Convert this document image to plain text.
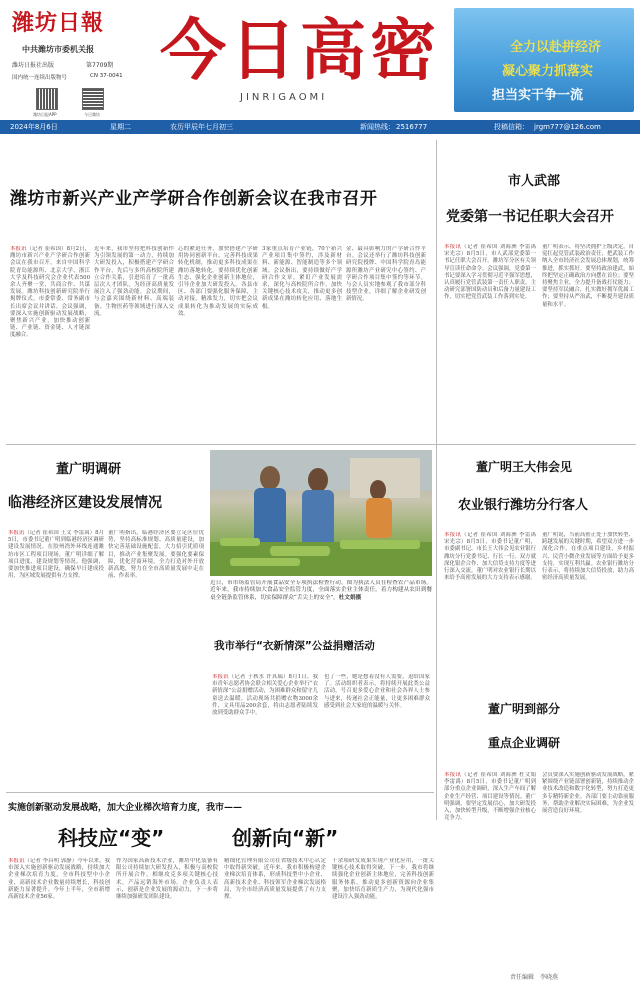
潍坊日報
中共潍坊市委机关报
潍坊日报社出版	第7709期
国内统一连续出版物号	CN 37-0041
潍坊日报APP	今日潍坊
今日高密
JINRIGAOMI
全力以赴拼经济
凝心聚力抓落实
担当实干争一流
2024年8月6日	星期二	农历甲辰年七月初三	新闻热线： 2516777	投稿信箱： jrgm777@126.com
潍坊市新兴产业产学研合作创新会议在我市召开
本报讯（记者 崔希国）8月2日，潍坊市新兴产业产学研合作创新会议在我市召开，来自中国科学院青岛能源所、北京大学、浙江大学及科技研究会企业代表500余人齐聚一堂，共商合作、共谋发展。潍坊科技创新研究院举行揭牌仪式。市委常委、常务副市长出席会议并讲话。会议强调，要深入实施创新驱动发展战略，聚焦新兴产业，加快推动创新链、产业链、资金链、人才链深度融合。
近年来，我市坚持把科技创新作为引领发展的第一动力，持续加大研发投入，积极搭建产学研合作平台，先后与多所高校院所建立合作关系，引进培育了一批高层次人才团队，为经济高质量发展注入了强劲动能。会议期间，与会嘉宾围绕新材料、高端装备、生物医药等领域进行深入交流。
芯的紧迫任务，加快搭建产学研用协同创新平台，完善科技成果转化机制，推动更多科技成果在潍坊落地转化。要持续优化创新生态，强化企业创新主体地位，引导企业加大研发投入。各县市区、各部门要强化服务保障，主动对接，精准发力，切实把会议成果转化为推动发展的实际成效。
3家重点培育产业链，70个新兴产业项目集中签约，涉及新材料、新能源、智能制造等多个领域。会议指出，要持续做好产学研合作文章，紧盯产业发展需求，深化与高校院所合作，加快关键核心技术攻关，推动更多创新成果在潍坊转化应用、落地生根。
金、最具影响力的产学研合作平台。会议还举行了潍坊科技创新研究院授牌、中国科学院青岛能源所潍坊产业研究中心签约、产学研合作项目集中签约等环节。与会人员实地参观了我市部分科技型企业，详细了解企业研发创新情况。
市人武部
党委第一书记任职大会召开
本报讯（记者 崔希国 刘海洲 李雷禹 宋光宗）8月5日，市人武部党委第一书记任职大会召开。潍坊军分区有关领导宣读任命命令。会议强调，党委第一书记要深入学习贯彻习近平强军思想，认真履行党管武装第一责任人职责，主动研究部署国防动员和后备力量建设工作，切实把党管武装工作落到实处。
董广明表示，将坚决拥护上级决定，自觉扛起党管武装政治责任，把武装工作纳入全市经济社会发展总体规划，统筹推进，抓实抓好。要坚持政治建武，始终把坚定正确政治方向摆在首位；要坚持聚焦主业，全力提升备战打仗能力；要坚持军民融合，扎实做好拥军优属工作；要坚持从严治武，不断提升建设质量和水平。
董广明调研
临港经济区建设发展情况
本报讯（记者 崔希国 王文 李雷禹）8月5日，市委书记董广明到临港经济区调研建设发展情况。在胶州湾外环线连通潍坊市区工程项目现场，董广明详细了解项目进度、建设规划等情况。他强调，要加快推进项目建设，确保早日建成投用，为区域发展提供有力支撑。
董广明指出，临港经济区要立足区位优势，坚持高标准规划、高质量建设，加快完善基础设施配套，大力招引优质项目，推动产业集聚发展。要强化要素保障，优化营商环境，全力打造对外开放新高地，努力在全市高质量发展中走在前、作表率。
近日，市市场监管局开展食品安全专项执法检查行动。图为执法人员在检查农产品市场。近年来，我市持续加大食品安全监管力度，全面落实企业主体责任，着力构建从农田到餐桌全链条监管体系，切实保障群众“舌尖上的安全”。杜文娟摄
我市举行“衣新情深”公益捐赠活动
本报讯（记者 于秋水 许真瑞）8月1日，我市青年志愿者协会联合相关爱心企业举行“衣新情深”公益捐赠活动，为困难群众和留守儿童送去温暖。活动现场共捐赠衣物3000余件，文具用品200余套，将由志愿者陆续发放到受助群众手中。
也了一些，她是想着没有人需要，退给国家了。活动组织者表示，将持续开展此类公益活动，号召更多爱心企业和社会各界人士参与进来，传递社会正能量，让更多困难群众感受到社会大家庭的温暖与关怀。
董广明王大伟会见
农业银行潍坊分行客人
本报讯（记者 崔希国 刘海洲 李雷禹 宋光宗）8月5日，市委书记董广明，市委副书记、市长王大伟会见农业银行潍坊分行党委书记、行长一行。双方就深化银企合作、加大信贷支持力度等进行深入交流。董广明对农业银行长期以来给予高密发展的大力支持表示感谢。
董广明说，当前高密正处于加快转型、跨越发展的关键时期，希望双方进一步深化合作，在重点项目建设、乡村振兴、民营小微企业发展等方面给予更多支持，实现互利共赢。农业银行潍坊分行表示，将持续加大信贷投放，助力高密经济高质量发展。
董广明到部分
重点企业调研
本报讯（记者 崔希国 刘海洲 杜文娟 李雷禹）8月5日，市委书记董广明到部分重点企业调研，深入生产车间了解企业生产经营、项目建设等情况。董广明强调，要坚定发展信心，加大研发投入，加快转型升级，不断增强企业核心竞争力。
会员要深入实施创新驱动发展战略，紧紧围绕产业链部署创新链，持续推动企业技术改造和数字化转型，努力打造更多专精特新企业。各部门要主动靠前服务，帮助企业解决实际困难，为企业发展营造良好环境。
实施创新驱动发展战略，加大企业梯次培育力度，我市——
科技应“变”	创新向“新”
本报讯（记者 李昌明 郭静）今年以来，我市深入实施创新驱动发展战略，持续加大企业梯次培育力度，全市科技型中小企业、高新技术企业数量持续增长，科技创新能力显著提升。今年上半年，全市新增高新技术企业56家。
作为国家高新技术企业，潍坊中化装备有限公司持续加大研发投入，积极与高校院所开展合作，相继攻克多项关键核心技术，产品远销海外市场。企业负责人表示，创新是企业发展的源动力，下一步将继续加强研发团队建设。
精细化管理有限公司在省级技术中心认定中取得新突破。近年来，我市积极构建企业梯次培育体系，形成科技型中小企业、高新技术企业、科技领军企业梯次发展格局，为全市经济高质量发展提供了有力支撑。
千余项研发成果实现产业化应用，一批关键核心技术取得突破。下一步，我市将继续强化企业创新主体地位，完善科技创新服务体系，推动更多创新资源向企业集聚，加快培育新质生产力，为现代化强市建设注入强劲动能。
责任编辑 李晓燕
